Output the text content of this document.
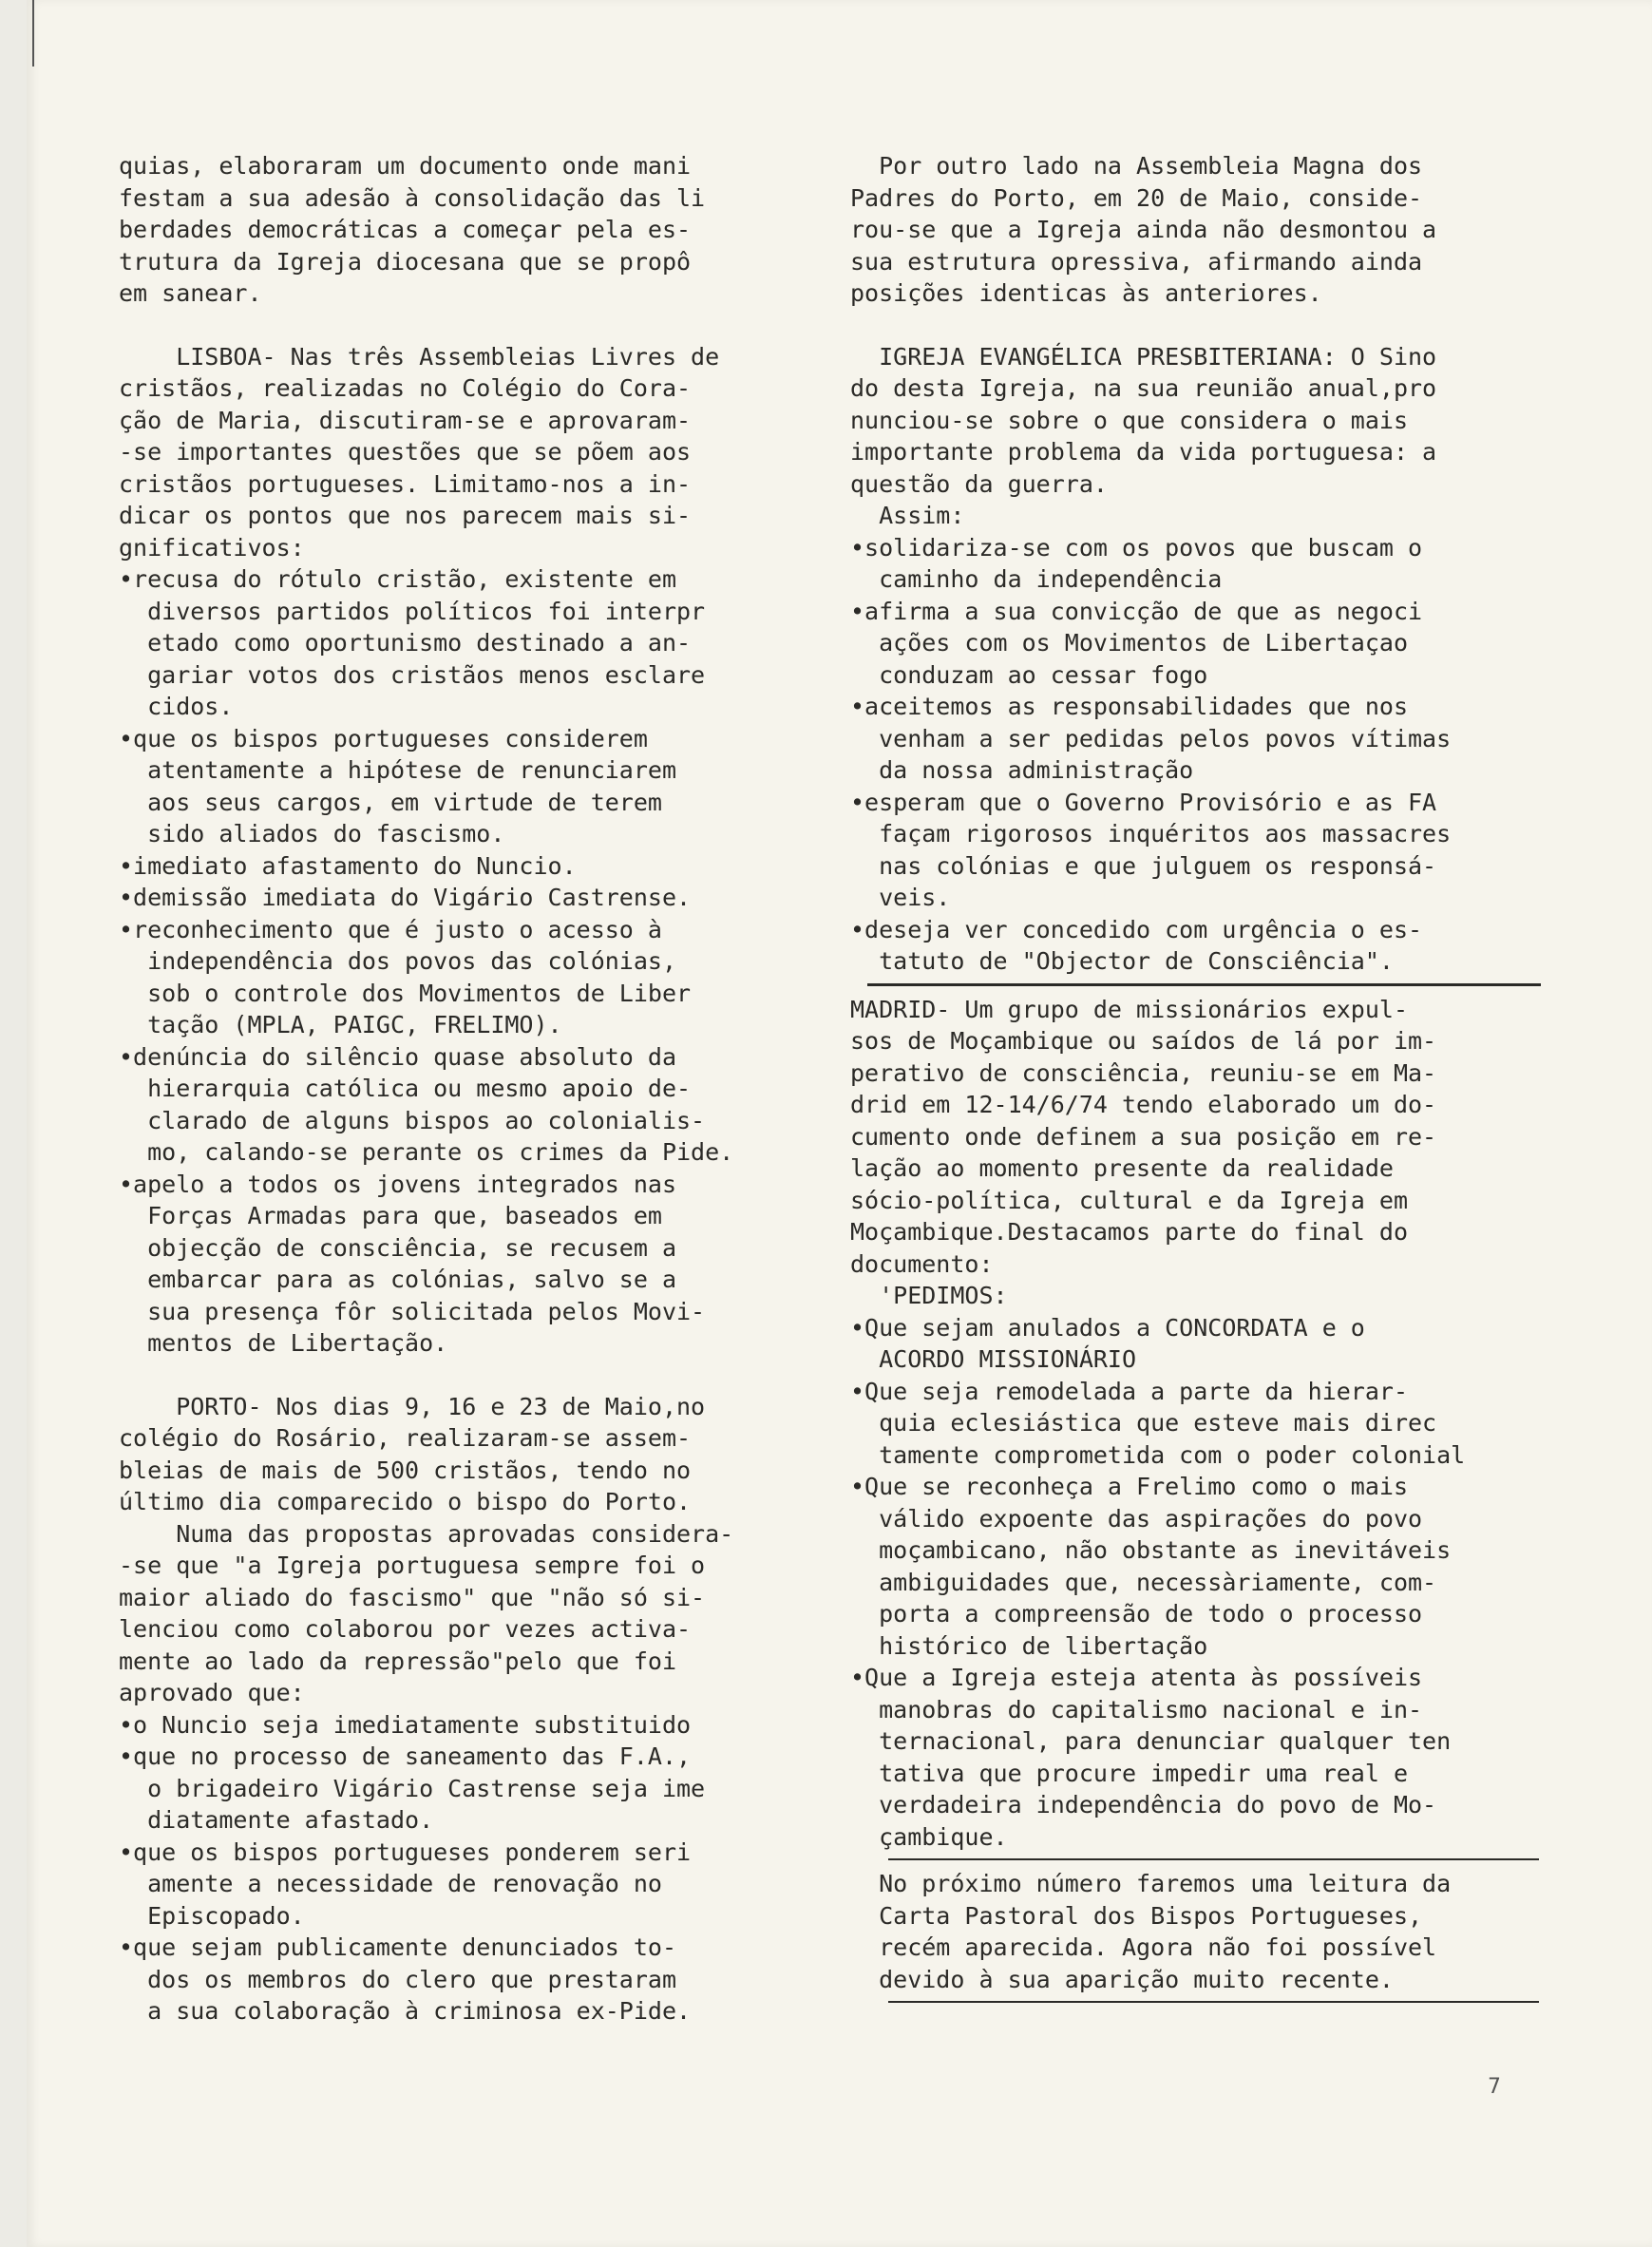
quias, elaboraram um documento onde mani

festam a sua adesão à consolidação das li

berdades democráticas a começar pela es-

trutura da Igreja diocesana que se propô

em sanear.

LISBOA- Nas três Assembleias Livres de

cristãos, realizadas no Colégio do Cora-

ção de Maria, discutiram-se e aprovaram-

-se importantes questões que se põem aos

cristãos portugueses. Limitamo-nos a in-

dicar os pontos que nos parecem mais si-

gnificativos:

•recusa do rótulo cristão, existente em

diversos partidos políticos foi interpr

etado como oportunismo destinado a an-

gariar votos dos cristãos menos esclare

cidos.

•que os bispos portugueses considerem

atentamente a hipótese de renunciarem

aos seus cargos, em virtude de terem

sido aliados do fascismo.

•imediato afastamento do Nuncio.

•demissão imediata do Vigário Castrense.

•reconhecimento que é justo o acesso à

independência dos povos das colónias,

sob o controle dos Movimentos de Liber

tação (MPLA, PAIGC, FRELIMO).

•denúncia do silêncio quase absoluto da

hierarquia católica ou mesmo apoio de-

clarado de alguns bispos ao colonialis-

mo, calando-se perante os crimes da Pide.

•apelo a todos os jovens integrados nas

Forças Armadas para que, baseados em

objecção de consciência, se recusem a

embarcar para as colónias, salvo se a

sua presença fôr solicitada pelos Movi-

mentos de Libertação.

PORTO- Nos dias 9, 16 e 23 de Maio,no

colégio do Rosário, realizaram-se assem-

bleias de mais de 500 cristãos, tendo no

último dia comparecido o bispo do Porto.

Numa das propostas aprovadas considera-

-se que "a Igreja portuguesa sempre foi o

maior aliado do fascismo" que "não só si-

lenciou como colaborou por vezes activa-

mente ao lado da repressão"pelo que foi

aprovado que:

•o Nuncio seja imediatamente substituido

•que no processo de saneamento das F.A.,

o brigadeiro Vigário Castrense seja ime

diatamente afastado.

•que os bispos portugueses ponderem seri

amente a necessidade de renovação no

Episcopado.

•que sejam publicamente denunciados to-

dos os membros do clero que prestaram

a sua colaboração à criminosa ex-Pide.

Por outro lado na Assembleia Magna dos

Padres do Porto, em 20 de Maio, conside-

rou-se que a Igreja ainda não desmontou a

sua estrutura opressiva, afirmando ainda

posições identicas às anteriores.

IGREJA EVANGÉLICA PRESBITERIANA: O Sino

do desta Igreja, na sua reunião anual,pro

nunciou-se sobre o que considera o mais

importante problema da vida portuguesa: a

questão da guerra.

Assim:

•solidariza-se com os povos que buscam o

caminho da independência

•afirma a sua convicção de que as negoci

ações com os Movimentos de Libertaçao

conduzam ao cessar fogo

•aceitemos as responsabilidades que nos

venham a ser pedidas pelos povos vítimas

da nossa administração

•esperam que o Governo Provisório e as FA

façam rigorosos inquéritos aos massacres

nas colónias e que julguem os responsá-

veis.

•deseja ver concedido com urgência o es-

tatuto de "Objector de Consciência".

MADRID- Um grupo de missionários expul-

sos de Moçambique ou saídos de lá por im-

perativo de consciência, reuniu-se em Ma-

drid em 12-14/6/74 tendo elaborado um do-

cumento onde definem a sua posição em re-

lação ao momento presente da realidade

sócio-política, cultural e da Igreja em

Moçambique.Destacamos parte do final do

documento:

'PEDIMOS:

•Que sejam anulados a CONCORDATA e o

ACORDO MISSIONÁRIO

•Que seja remodelada a parte da hierar-

quia eclesiástica que esteve mais direc

tamente comprometida com o poder colonial

•Que se reconheça a Frelimo como o mais

válido expoente das aspirações do povo

moçambicano, não obstante as inevitáveis

ambiguidades que, necessàriamente, com-

porta a compreensão de todo o processo

histórico de libertação

•Que a Igreja esteja atenta às possíveis

manobras do capitalismo nacional e in-

ternacional, para denunciar qualquer ten

tativa que procure impedir uma real e

verdadeira independência do povo de Mo-

çambique.

No próximo número faremos uma leitura da

Carta Pastoral dos Bispos Portugueses,

recém aparecida. Agora não foi possível

devido à sua aparição muito recente.

7
